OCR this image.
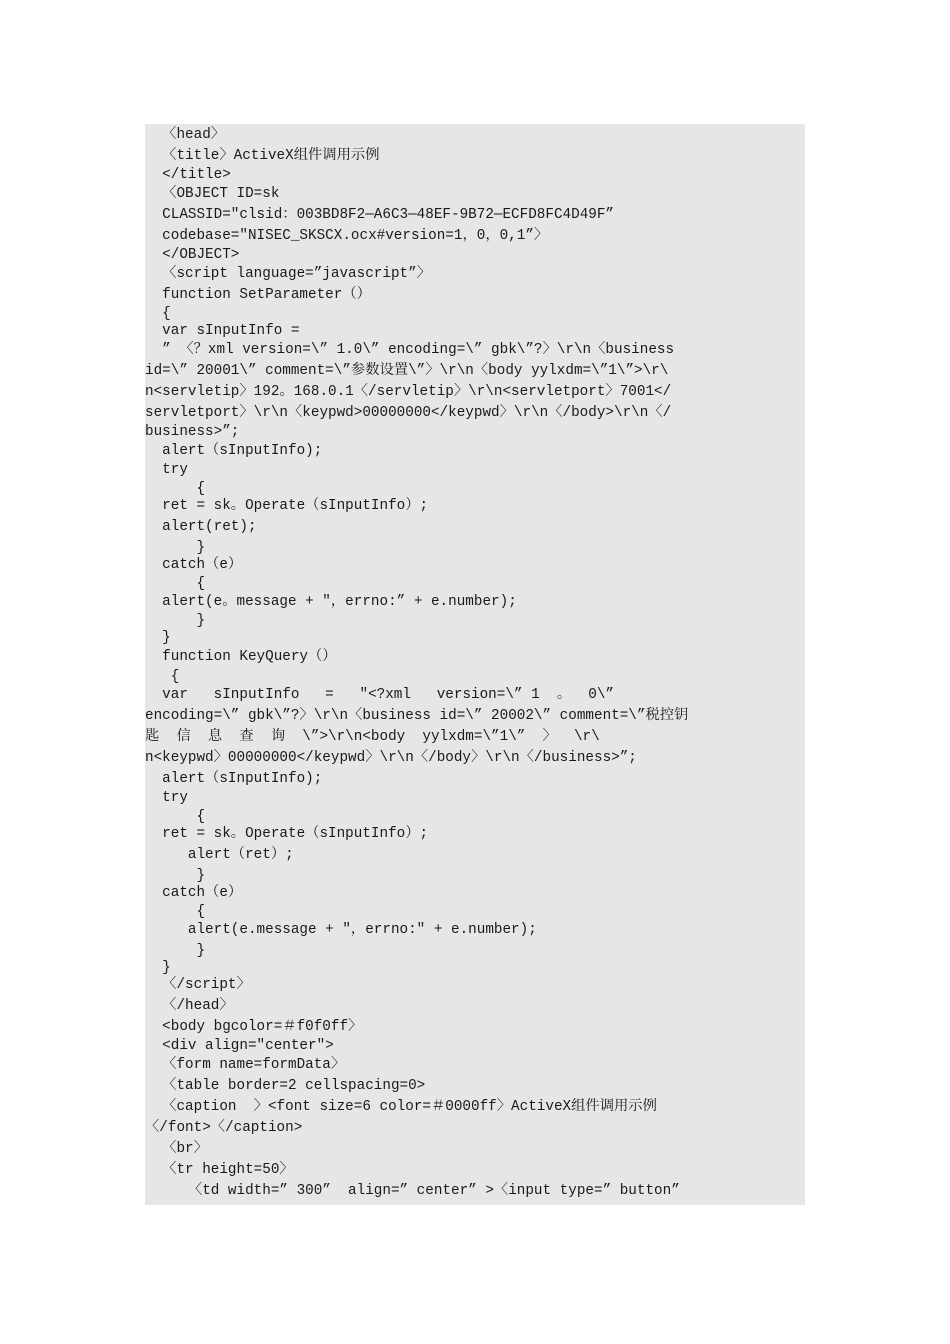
〈head〉
〈title〉ActiveX组件调用示例
</title>
〈OBJECT ID=sk
CLASSID="clsid：003BD8F2—A6C3—48EF-9B72—ECFD8FC4D49F”
codebase="NISEC_SKSCX.ocx#version=1，0，0,1”〉
</OBJECT>
〈script language=”javascript”〉
function SetParameter（）
{
var sInputInfo =
” 〈？xml version=\” 1.0\” encoding=\” gbk\”?〉\r\n〈business
id=\” 20001\” comment=\”参数设置\”〉\r\n〈body yylxdm=\”1\”>\r\
n<servletip〉192。168.0.1〈/servletip〉\r\n<servletport〉7001</
servletport〉\r\n〈keypwd>00000000</keypwd〉\r\n〈/body>\r\n〈/
business>”;
alert（sInputInfo);
try
{
ret = sk。Operate（sInputInfo）;
alert(ret);
}
catch（e）
{
alert(e。message + "，errno:” + e.number);
}
}
function KeyQuery（）
{
var   sInputInfo   =   "<?xml   version=\” 1  。  0\”
encoding=\” gbk\”?〉\r\n〈business id=\” 20002\” comment=\”税控钥
匙  信  息  查  询  \”>\r\n<body  yylxdm=\”1\”  〉  \r\
n<keypwd〉00000000</keypwd〉\r\n〈/body〉\r\n〈/business>”;
alert（sInputInfo);
try
{
ret = sk。Operate（sInputInfo）;
alert（ret）;
}
catch（e）
{
alert(e.message + "，errno:" + e.number);
}
}
〈/script〉
〈/head〉
<body bgcolor=＃f0f0ff〉
<div align="center">
〈form name=formData〉
〈table border=2 cellspacing=0>
〈caption  〉<font size=6 color=＃0000ff〉ActiveX组件调用示例
〈/font>〈/caption>
〈br〉
〈tr height=50〉
〈td width=” 300”  align=” center” >〈input type=” button”
